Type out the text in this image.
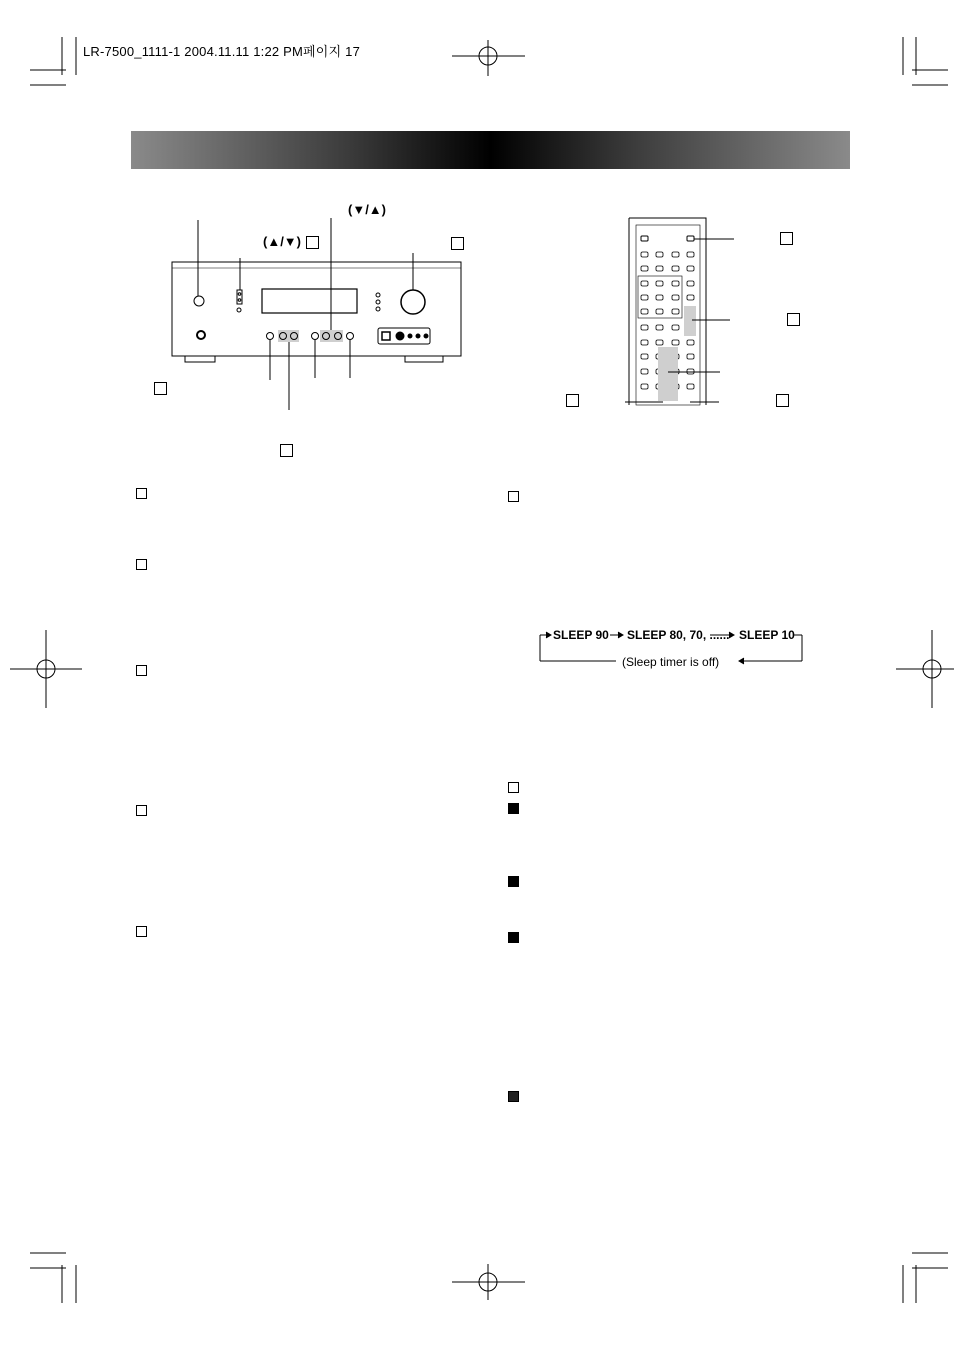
LR-7500_1111-1 2004.11.11 1:22 PM페이지 17
(▲/▼)
(▼/▲)
SLEEP 90 SLEEP 80, 70, ...... SLEEP 10
(Sleep timer is off)
